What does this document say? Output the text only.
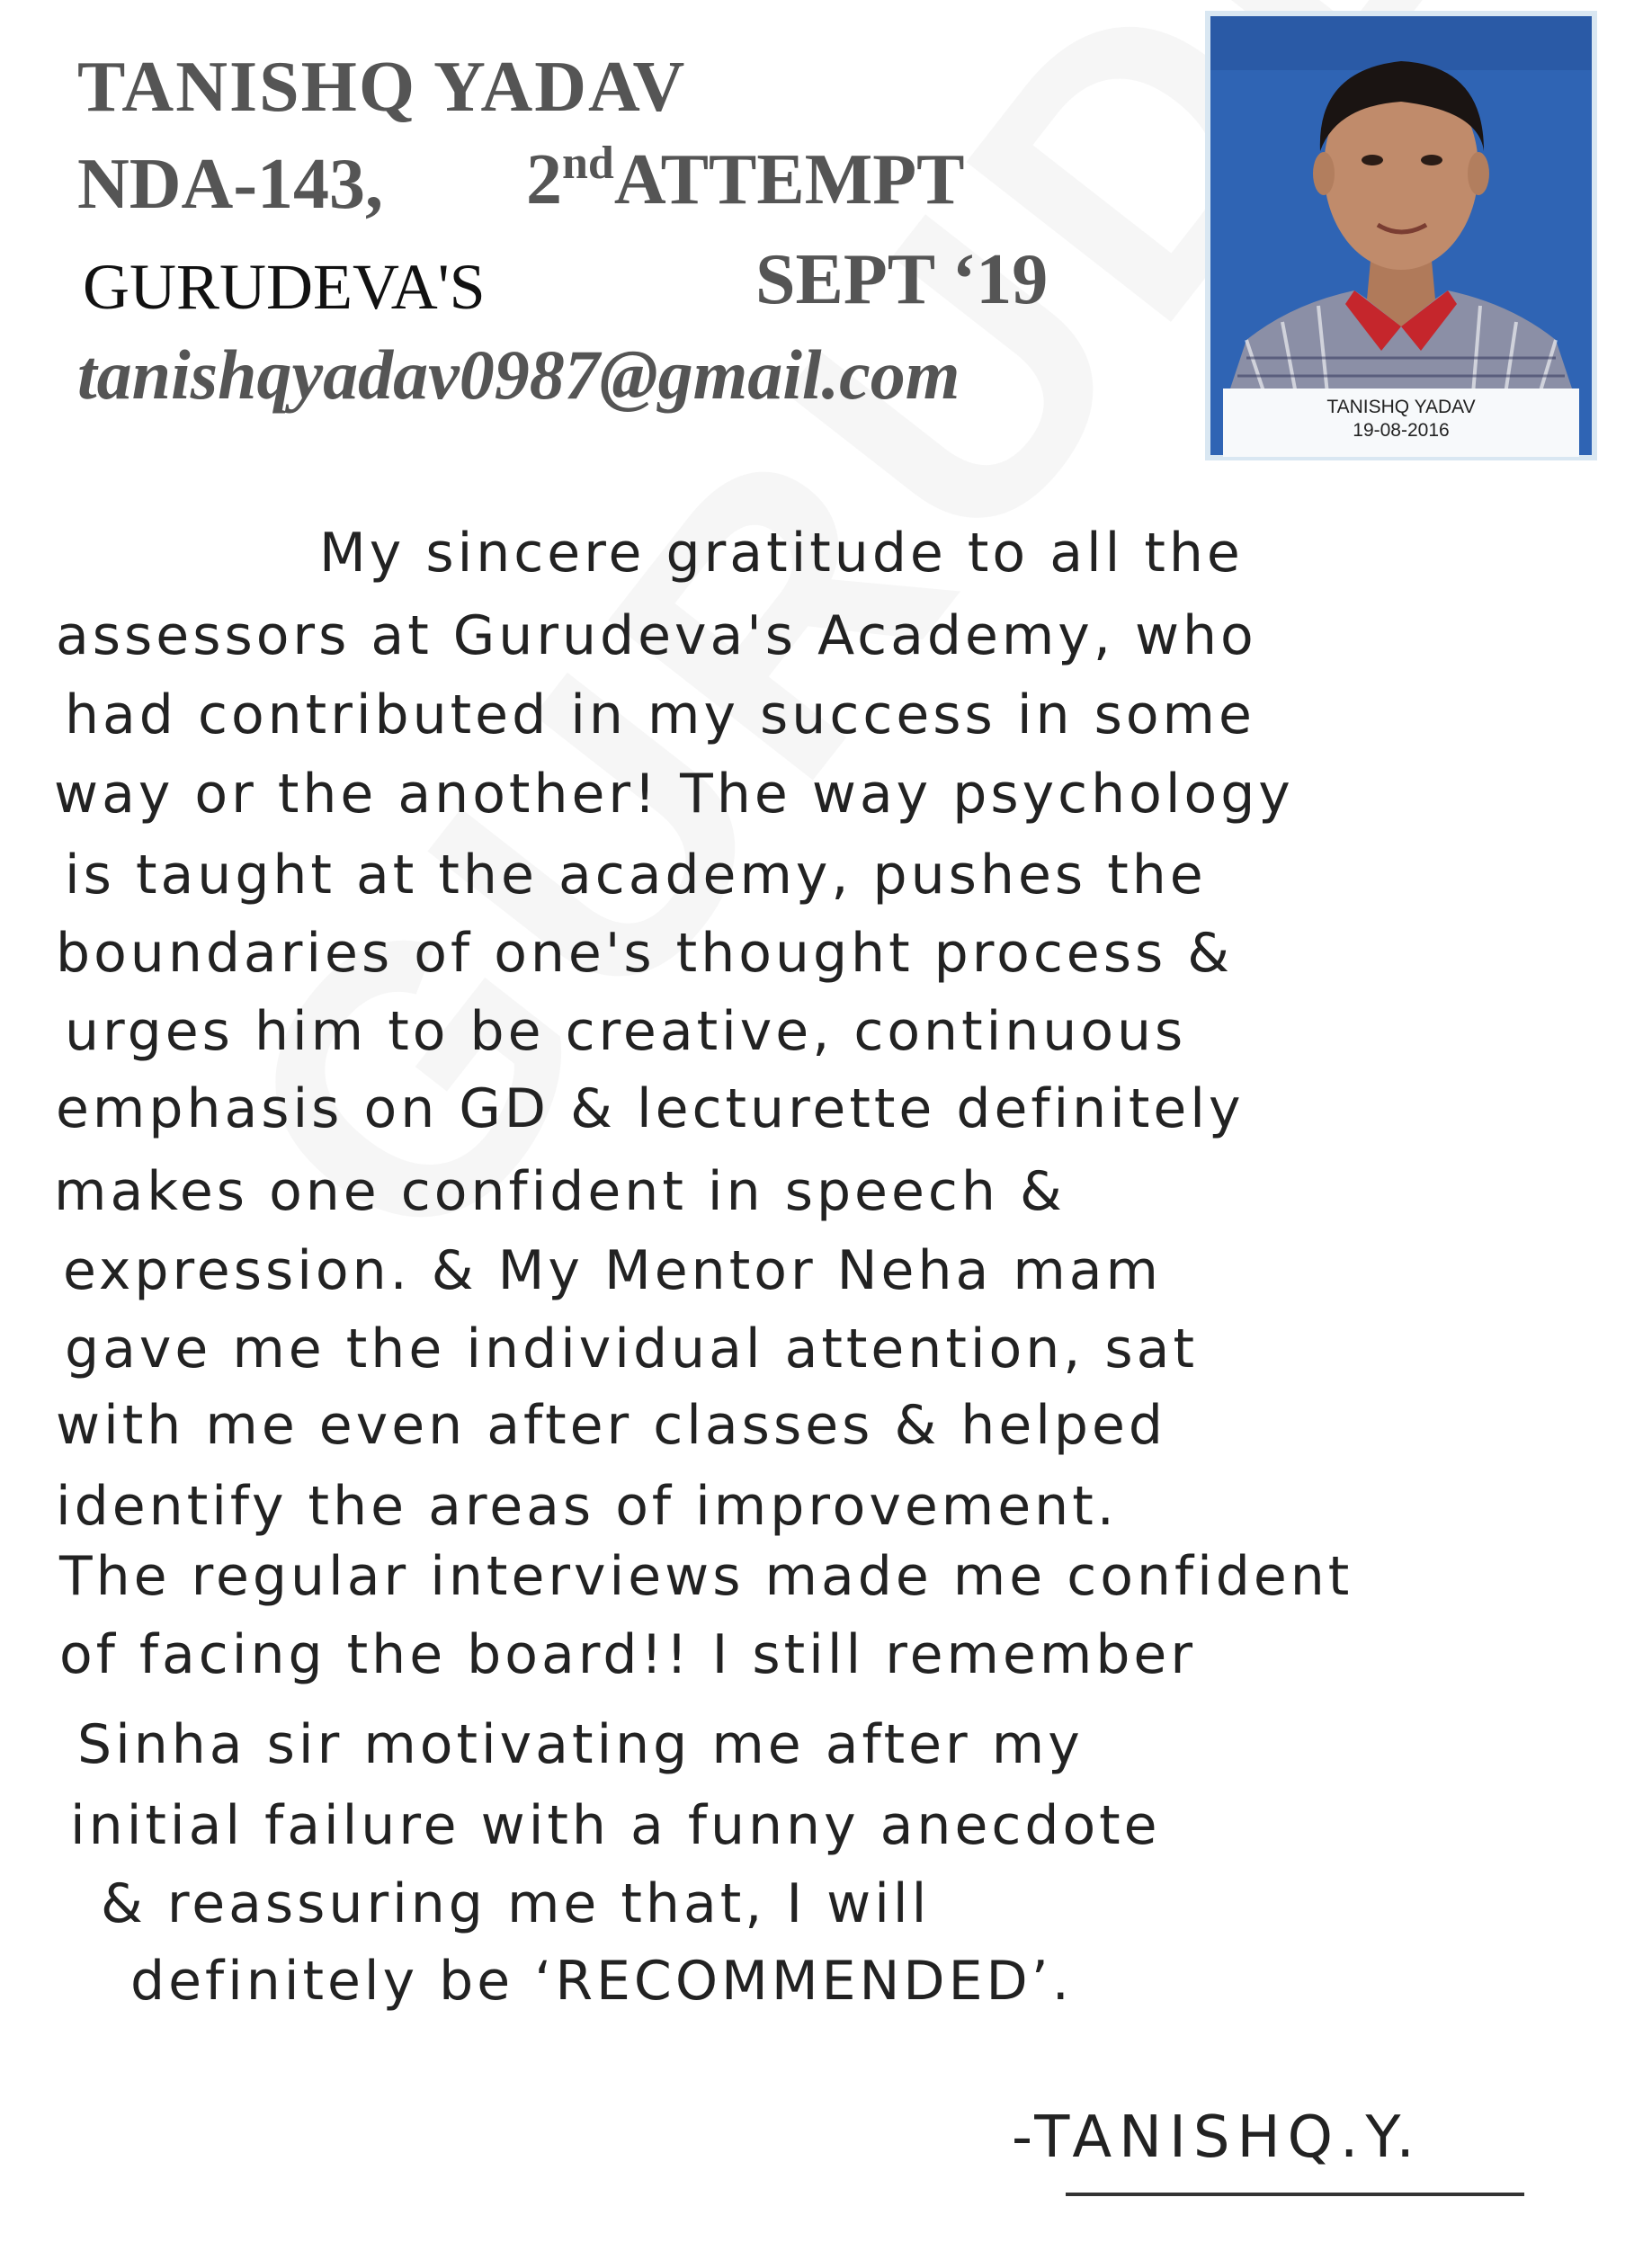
TANISHQ YADAV
NDA-143, 2ndATTEMPT
GURUDEVA'S	SEPT ‘19
tanishqyadav0987@gmail.com	TANISHQ YADAV
19-08-2016
My sincere gratitude to all the
assessors at Gurudeva's Academy, who
had contributed in my success in some
way or the another! The way psychology
is taught at the academy, pushes the
boundaries of one's thought process &
urges him to be creative, continuous
emphasis on GD & lecturette definitely
makes one confident in speech &
expression. & My Mentor Neha mam
gave me the individual attention, sat
with me even after classes & helped
identify the areas of improvement.
The regular interviews made me confident
of facing the board!! I still remember
Sinha sir motivating me after my
initial failure with a funny anecdote
& reassuring me that, I will
definitely be ‘RECOMMENDED’.
-TANISHQ.Y.
